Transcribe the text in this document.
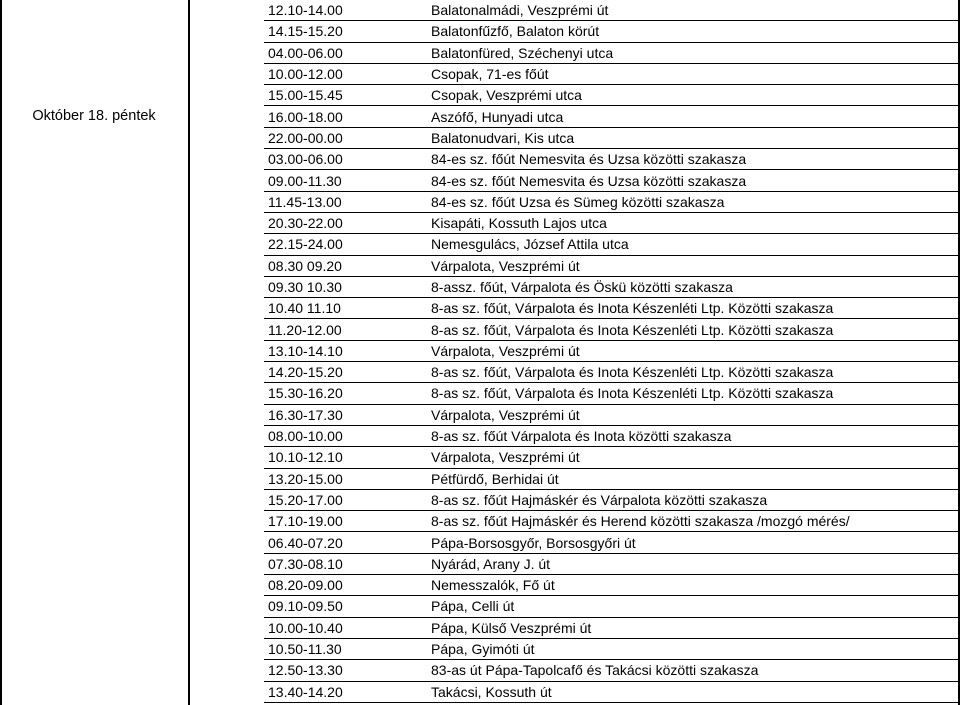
Október 18. péntek
12.10-14.00	Balatonalmádi, Veszprémi út
14.15-15.20	Balatonfűzfő, Balaton körút
04.00-06.00	Balatonfüred, Széchenyi utca
10.00-12.00	Csopak, 71-es főút
15.00-15.45	Csopak, Veszprémi utca
16.00-18.00	Aszófő, Hunyadi utca
22.00-00.00	Balatonudvari, Kis utca
03.00-06.00	84-es sz. főút Nemesvita és Uzsa közötti szakasza
09.00-11.30	84-es sz. főút Nemesvita és Uzsa közötti szakasza
11.45-13.00	84-es sz. főút Uzsa és Sümeg közötti szakasza
20.30-22.00	Kisapáti, Kossuth Lajos utca
22.15-24.00	Nemesgulács, József Attila utca
08.30 09.20	Várpalota, Veszprémi út
09.30 10.30	8-assz. főút, Várpalota és Öskü közötti szakasza
10.40 11.10	8-as sz. főút, Várpalota és Inota Készenléti Ltp. Közötti szakasza
11.20-12.00	8-as sz. főút, Várpalota és Inota Készenléti Ltp. Közötti szakasza
13.10-14.10	Várpalota, Veszprémi út
14.20-15.20	8-as sz. főút, Várpalota és Inota Készenléti Ltp. Közötti szakasza
15.30-16.20	8-as sz. főút, Várpalota és Inota Készenléti Ltp. Közötti szakasza
16.30-17.30	Várpalota, Veszprémi út
08.00-10.00	8-as sz. főút Várpalota és Inota közötti szakasza
10.10-12.10	Várpalota, Veszprémi út
13.20-15.00	Pétfürdő, Berhidai út
15.20-17.00	8-as sz. főút Hajmáskér és Várpalota közötti szakasza
17.10-19.00	8-as sz. főút Hajmáskér és Herend közötti szakasza /mozgó mérés/
06.40-07.20	Pápa-Borsosgyőr, Borsosgyőri út
07.30-08.10	Nyárád, Arany J. út
08.20-09.00	Nemesszalók, Fő út
09.10-09.50	Pápa, Celli út
10.00-10.40	Pápa, Külső Veszprémi út
10.50-11.30	Pápa, Gyimóti út
12.50-13.30	83-as út Pápa-Tapolcafő és Takácsi közötti szakasza
13.40-14.20	Takácsi, Kossuth út
